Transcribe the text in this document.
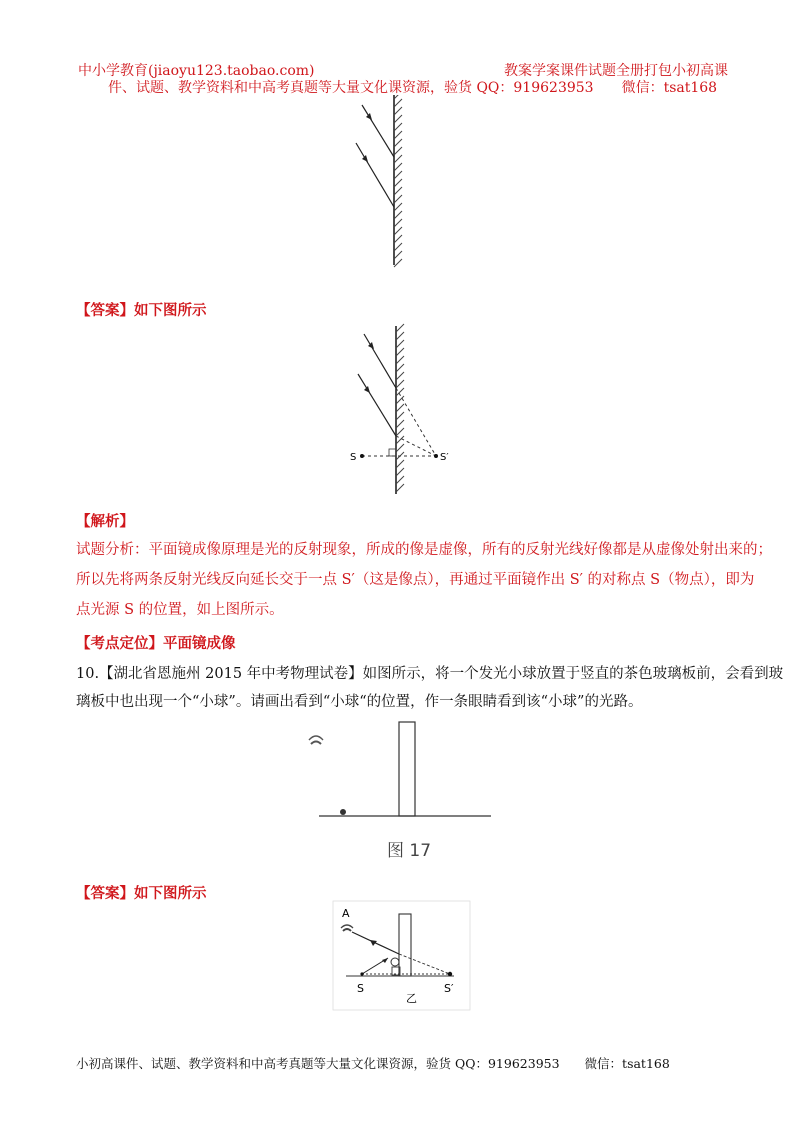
中小学教育(jiaoyu123.taobao.com)	教案学案课件试题全册打包小初高课
件、试题、教学资料和中高考真题等大量文化课资源，验货 QQ：919623953　　微信：tsat168
【答案】如下图所示
S	S′
【解析】
试题分析：平面镜成像原理是光的反射现象，所成的像是虚像，所有的反射光线好像都是从虚像处射出来的；
所以先将两条反射光线反向延长交于一点 S′（这是像点），再通过平面镜作出 S′ 的对称点 S（物点），即为
点光源 S 的位置，如上图所示。
【考点定位】平面镜成像
10.【湖北省恩施州 2015 年中考物理试卷】如图所示，将一个发光小球放置于竖直的茶色玻璃板前，会看到玻
璃板中也出现一个“小球”。请画出看到“小球“的位置，作一条眼睛看到该“小球”的光路。
图 17
【答案】如下图所示
A
S
乙
S′
小初高课件、试题、教学资料和中高考真题等大量文化课资源，验货 QQ：919623953　　微信：tsat168
